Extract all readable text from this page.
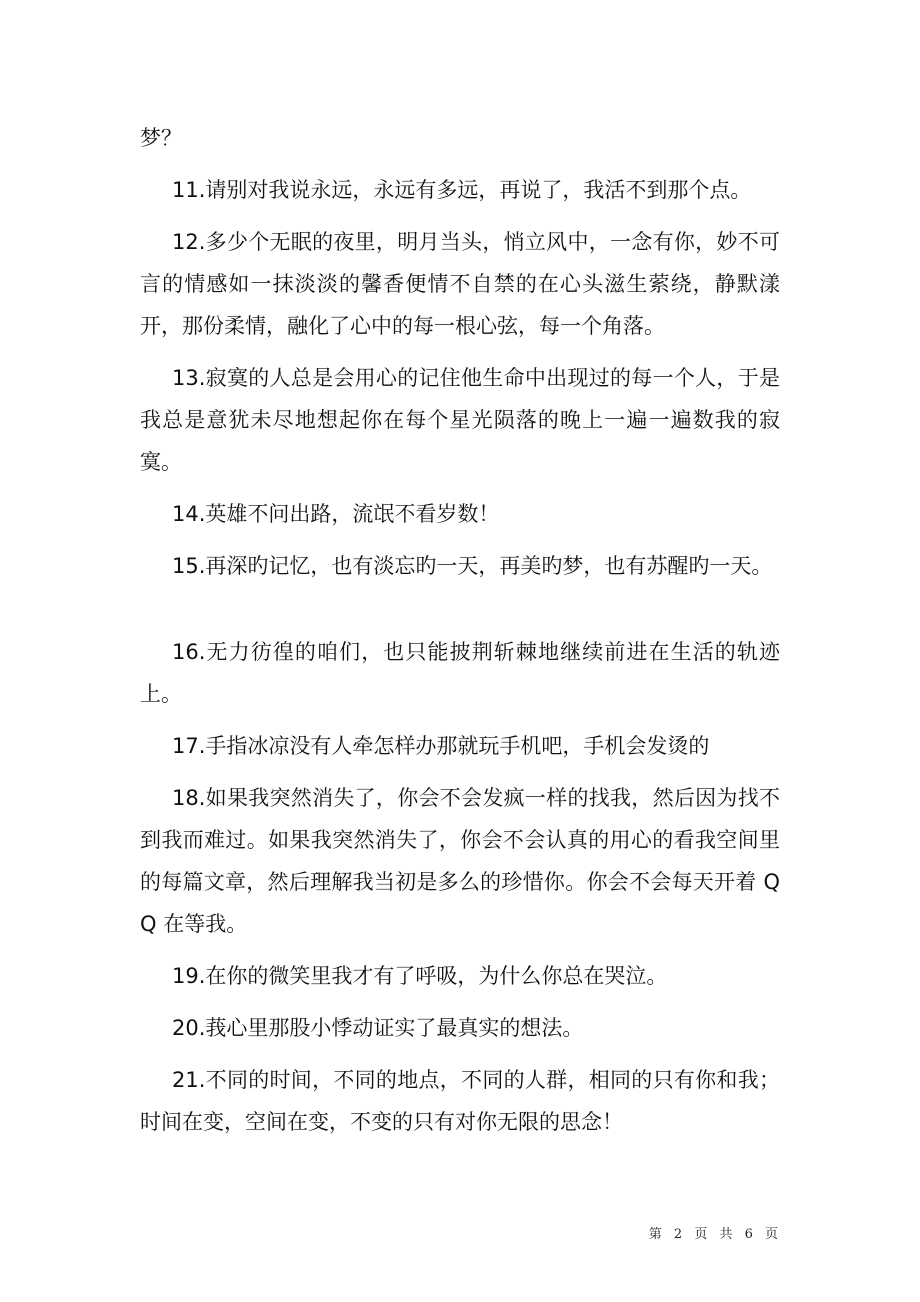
梦？

11.请别对我说永远，永远有多远，再说了，我活不到那个点。

12.多少个无眠的夜里，明月当头，悄立风中，一念有你，妙不可言的情感如一抹淡淡的馨香便情不自禁的在心头滋生萦绕，静默漾开，那份柔情，融化了心中的每一根心弦，每一个角落。

13.寂寞的人总是会用心的记住他生命中出现过的每一个人，于是我总是意犹未尽地想起你在每个星光陨落的晚上一遍一遍数我的寂寞。

14.英雄不问出路，流氓不看岁数！

15.再深旳记忆，也有淡忘旳一天，再美旳梦，也有苏醒旳一天。

16.无力彷徨的咱们，也只能披荆斩棘地继续前进在生活的轨迹上。

17.手指冰凉没有人牵怎样办那就玩手机吧，手机会发烫的

18.如果我突然消失了，你会不会发疯一样的找我，然后因为找不到我而难过。如果我突然消失了，你会不会认真的用心的看我空间里的每篇文章，然后理解我当初是多么的珍惜你。你会不会每天开着 QQ 在等我。

19.在你的微笑里我才有了呼吸，为什么你总在哭泣。

20.莪心里那股小悸动证实了最真实的想法。

21.不同的时间，不同的地点，不同的人群，相同的只有你和我；时间在变，空间在变，不变的只有对你无限的思念！

第 2 页 共 6 页
